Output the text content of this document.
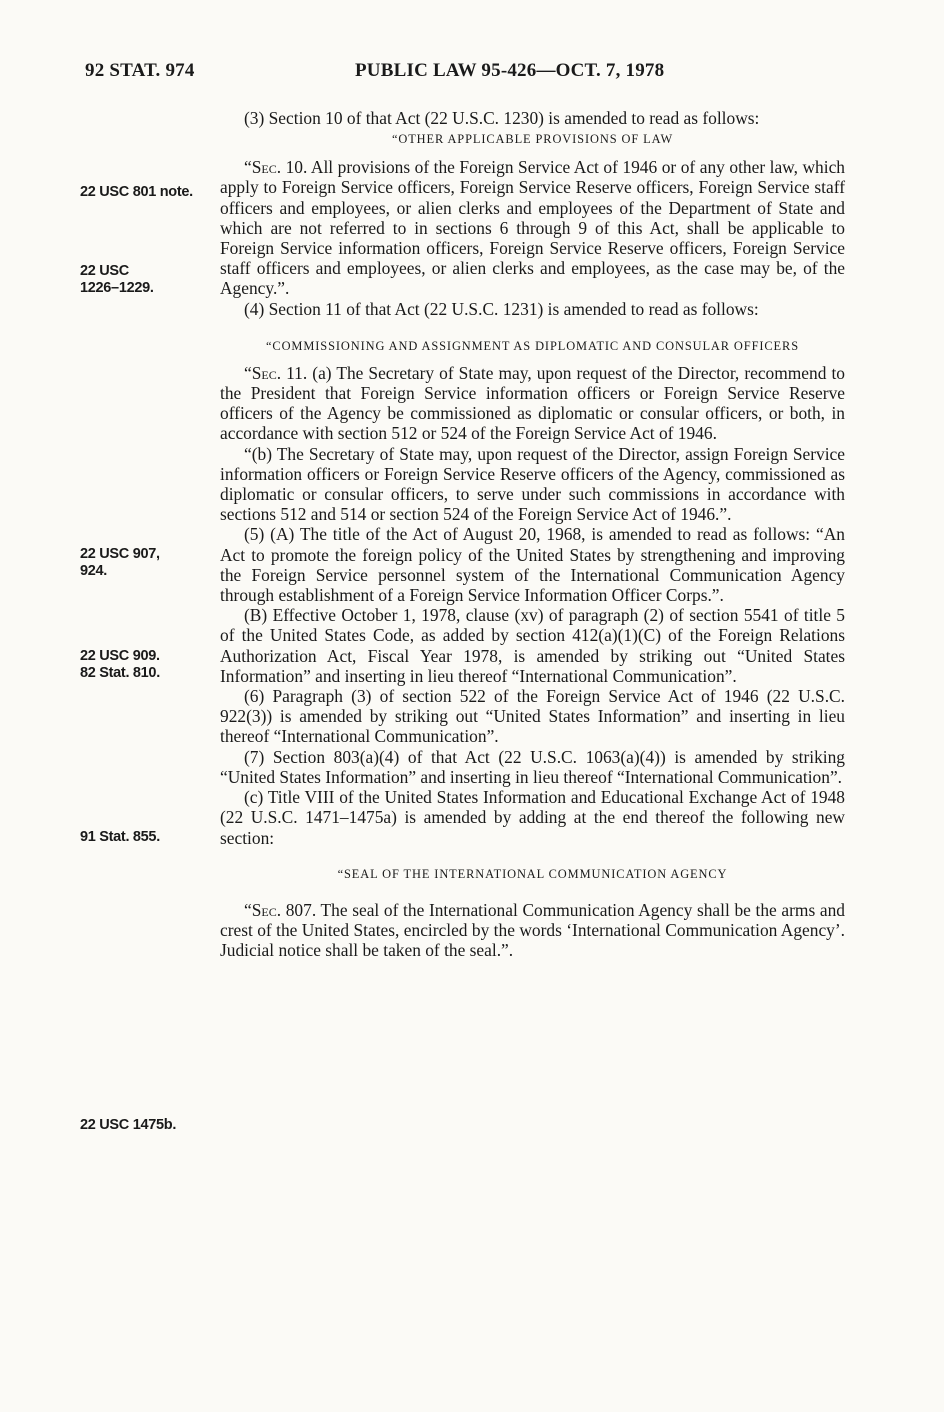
92 STAT. 974	PUBLIC LAW 95-426—OCT. 7, 1978
22 USC 801 note.
22 USC
1226–1229.
22 USC 907,
924.
22 USC 909.
82 Stat. 810.
91 Stat. 855.
22 USC 1475b.

(3) Section 10 of that Act (22 U.S.C. 1230) is amended to read as follows:

“OTHER APPLICABLE PROVISIONS OF LAW

“Sec. 10. All provisions of the Foreign Service Act of 1946 or of any other law, which apply to Foreign Service officers, Foreign Service Reserve officers, Foreign Service staff officers and employees, or alien clerks and employees of the Department of State and which are not referred to in sections 6 through 9 of this Act, shall be applicable to Foreign Service information officers, Foreign Service Reserve officers, Foreign Service staff officers and employees, or alien clerks and employees, as the case may be, of the Agency.”.

(4) Section 11 of that Act (22 U.S.C. 1231) is amended to read as follows:

“COMMISSIONING AND ASSIGNMENT AS DIPLOMATIC AND CONSULAR OFFICERS

“Sec. 11. (a) The Secretary of State may, upon request of the Director, recommend to the President that Foreign Service information officers or Foreign Service Reserve officers of the Agency be commissioned as diplomatic or consular officers, or both, in accordance with section 512 or 524 of the Foreign Service Act of 1946.

“(b) The Secretary of State may, upon request of the Director, assign Foreign Service information officers or Foreign Service Reserve officers of the Agency, commissioned as diplomatic or consular officers, to serve under such commissions in accordance with sections 512 and 514 or section 524 of the Foreign Service Act of 1946.”.

(5) (A) The title of the Act of August 20, 1968, is amended to read as follows: “An Act to promote the foreign policy of the United States by strengthening and improving the Foreign Service personnel system of the International Communication Agency through establishment of a Foreign Service Information Officer Corps.”.

(B) Effective October 1, 1978, clause (xv) of paragraph (2) of section 5541 of title 5 of the United States Code, as added by section 412(a)(1)(C) of the Foreign Relations Authorization Act, Fiscal Year 1978, is amended by striking out “United States Information” and inserting in lieu thereof “International Communication”.

(6) Paragraph (3) of section 522 of the Foreign Service Act of 1946 (22 U.S.C. 922(3)) is amended by striking out “United States Information” and inserting in lieu thereof “International Communication”.

(7) Section 803(a)(4) of that Act (22 U.S.C. 1063(a)(4)) is amended by striking “United States Information” and inserting in lieu thereof “International Communication”.

(c) Title VIII of the United States Information and Educational Exchange Act of 1948 (22 U.S.C. 1471–1475a) is amended by adding at the end thereof the following new section:

“SEAL OF THE INTERNATIONAL COMMUNICATION AGENCY

“Sec. 807. The seal of the International Communication Agency shall be the arms and crest of the United States, encircled by the words ‘International Communication Agency’. Judicial notice shall be taken of the seal.”.
